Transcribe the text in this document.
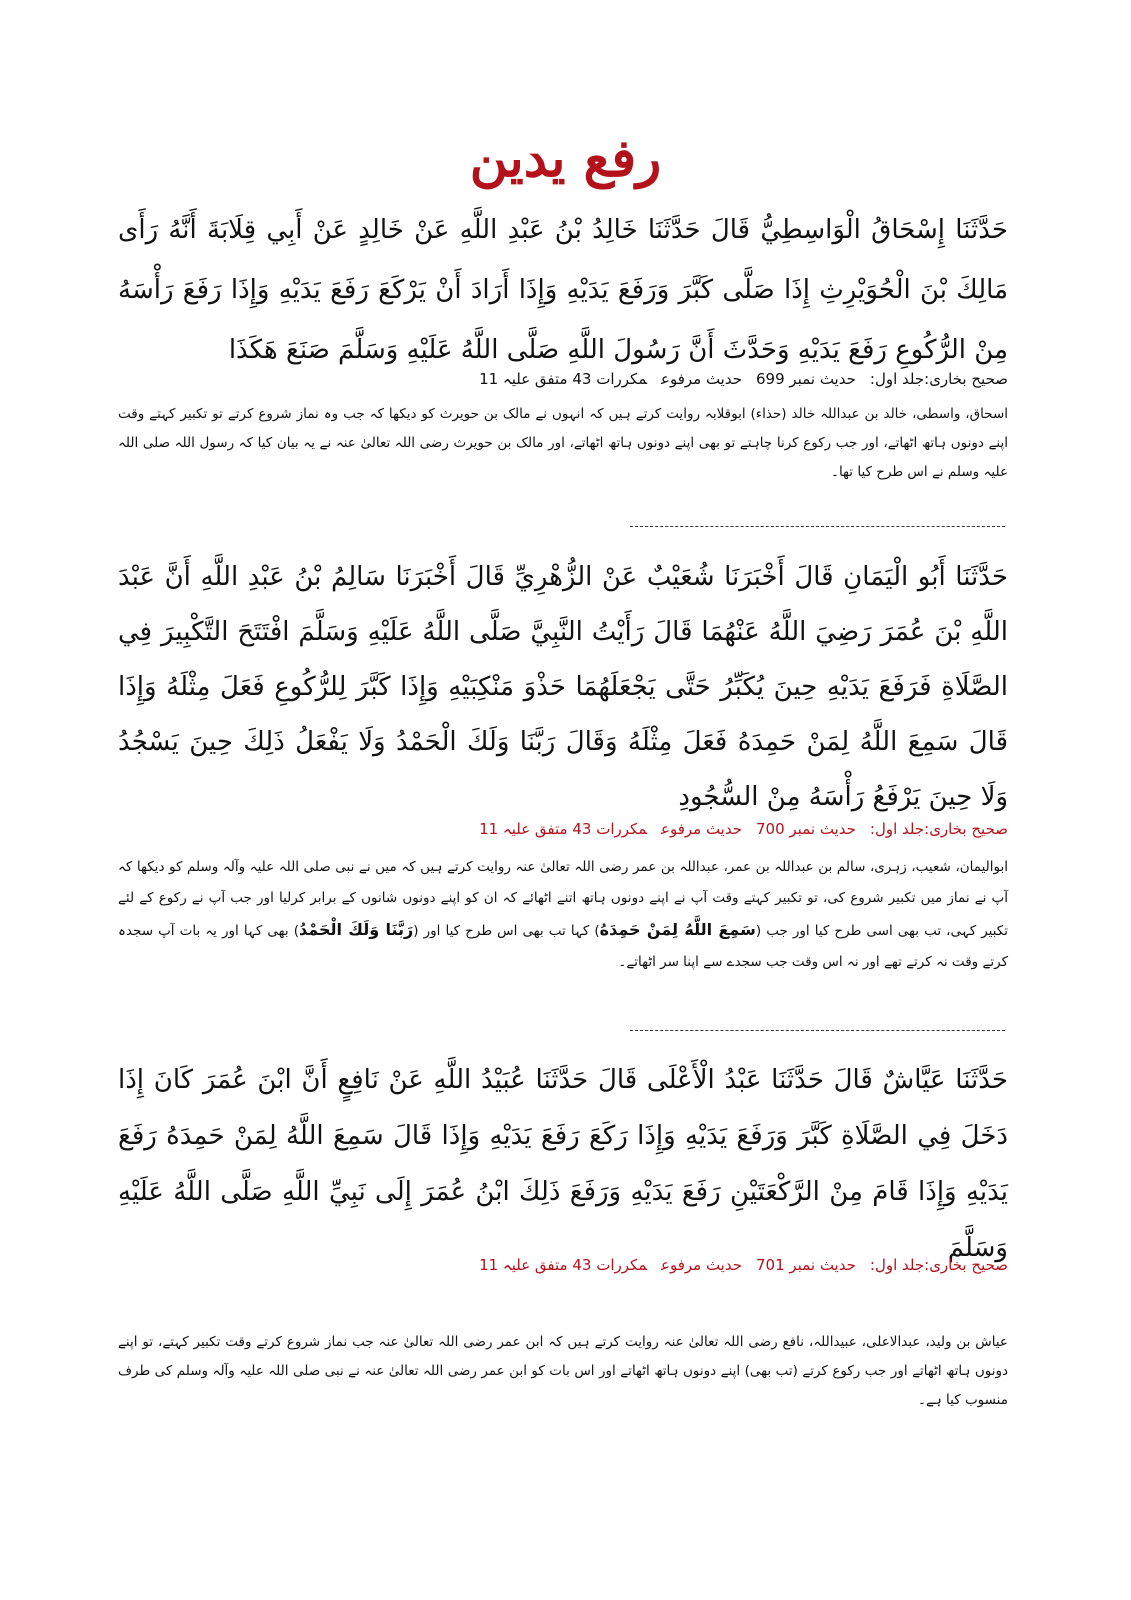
رفع یدین
حَدَّثَنَا إِسْحَاقُ الْوَاسِطِيُّ قَالَ حَدَّثَنَا خَالِدُ بْنُ عَبْدِ اللَّهِ عَنْ خَالِدٍ عَنْ أَبِي قِلَابَةَ أَنَّهُ رَأَى مَالِكَ بْنَ الْحُوَيْرِثِ إِذَا صَلَّى كَبَّرَ وَرَفَعَ يَدَيْهِ وَإِذَا أَرَادَ أَنْ يَرْكَعَ رَفَعَ يَدَيْهِ وَإِذَا رَفَعَ رَأْسَهُ مِنْ الرُّكُوعِ رَفَعَ يَدَيْهِ وَحَدَّثَ أَنَّ رَسُولَ اللَّهِ صَلَّى اللَّهُ عَلَيْهِ وَسَلَّمَ صَنَعَ هَكَذَا
صحیح بخاری:جلد اول:حدیث نمبر 699حدیث مرفوعمکررات 43 متفق علیہ 11
اسحاق، واسطی، خالد بن عبداللہ خالد (حذاء) ابوقلابہ روایت کرتے ہیں کہ انہوں نے مالک بن حویرث کو دیکھا کہ جب وہ نماز شروع کرتے تو تکبیر کہتے وقت اپنے دونوں ہاتھ اٹھاتے، اور جب رکوع کرنا چاہتے تو بھی اپنے دونوں ہاتھ اٹھاتے، اور مالک بن حویرث رضی اللہ تعالیٰ عنہ نے یہ بیان کیا کہ رسول اللہ صلی اللہ علیہ وسلم نے اس طرح کیا تھا۔
حَدَّثَنَا أَبُو الْيَمَانِ قَالَ أَخْبَرَنَا شُعَيْبٌ عَنْ الزُّهْرِيِّ قَالَ أَخْبَرَنَا سَالِمُ بْنُ عَبْدِ اللَّهِ أَنَّ عَبْدَ اللَّهِ بْنَ عُمَرَ رَضِيَ اللَّهُ عَنْهُمَا قَالَ رَأَيْتُ النَّبِيَّ صَلَّى اللَّهُ عَلَيْهِ وَسَلَّمَ افْتَتَحَ التَّكْبِيرَ فِي الصَّلَاةِ فَرَفَعَ يَدَيْهِ حِينَ يُكَبِّرُ حَتَّى يَجْعَلَهُمَا حَذْوَ مَنْكِبَيْهِ وَإِذَا كَبَّرَ لِلرُّكُوعِ فَعَلَ مِثْلَهُ وَإِذَا قَالَ سَمِعَ اللَّهُ لِمَنْ حَمِدَهُ فَعَلَ مِثْلَهُ وَقَالَ رَبَّنَا وَلَكَ الْحَمْدُ وَلَا يَفْعَلُ ذَلِكَ حِينَ يَسْجُدُ وَلَا حِينَ يَرْفَعُ رَأْسَهُ مِنْ السُّجُودِ
صحیح بخاری:جلد اول:حدیث نمبر 700حدیث مرفوعمکررات 43 متفق علیہ 11
ابوالیمان، شعیب، زہری، سالم بن عبداللہ بن عمر، عبداللہ بن عمر رضی اللہ تعالیٰ عنہ روایت کرتے ہیں کہ میں نے نبی صلی اللہ علیہ وآلہ وسلم کو دیکھا کہ آپ نے نماز میں تکبیر شروع کی، تو تکبیر کہتے وقت آپ نے اپنے دونوں ہاتھ اتنے اٹھائے کہ ان کو اپنے دونوں شانوں کے برابر کرلیا اور جب آپ نے رکوع کے لئے تکبیر کہی، تب بھی اسی طرح کیا اور جب (سَمِعَ اللَّهُ لِمَنْ حَمِدَهُ) کہا تب بھی اس طرح کیا اور (رَبَّنَا وَلَكَ الْحَمْدُ) بھی کہا اور یہ بات آپ سجدہ کرتے وقت نہ کرتے تھے اور نہ اس وقت جب سجدے سے اپنا سر اٹھاتے۔
حَدَّثَنَا عَيَّاشٌ قَالَ حَدَّثَنَا عَبْدُ الْأَعْلَى قَالَ حَدَّثَنَا عُبَيْدُ اللَّهِ عَنْ نَافِعٍ أَنَّ ابْنَ عُمَرَ كَانَ إِذَا دَخَلَ فِي الصَّلَاةِ كَبَّرَ وَرَفَعَ يَدَيْهِ وَإِذَا رَكَعَ رَفَعَ يَدَيْهِ وَإِذَا قَالَ سَمِعَ اللَّهُ لِمَنْ حَمِدَهُ رَفَعَ يَدَيْهِ وَإِذَا قَامَ مِنْ الرَّكْعَتَيْنِ رَفَعَ يَدَيْهِ وَرَفَعَ ذَلِكَ ابْنُ عُمَرَ إِلَى نَبِيِّ اللَّهِ صَلَّى اللَّهُ عَلَيْهِ وَسَلَّمَ
صحیح بخاری:جلد اول:حدیث نمبر 701حدیث مرفوعمکررات 43 متفق علیہ 11
عیاش بن ولید، عبدالاعلی، عبیداللہ، نافع رضی اللہ تعالیٰ عنہ روایت کرتے ہیں کہ ابن عمر رضی اللہ تعالیٰ عنہ جب نماز شروع کرتے وقت تکبیر کہتے، تو اپنے دونوں ہاتھ اٹھاتے اور جب رکوع کرتے (تب بھی) اپنے دونوں ہاتھ اٹھاتے اور اس بات کو ابن عمر رضی اللہ تعالیٰ عنہ نے نبی صلی اللہ علیہ وآلہ وسلم کی طرف منسوب کیا ہے۔
